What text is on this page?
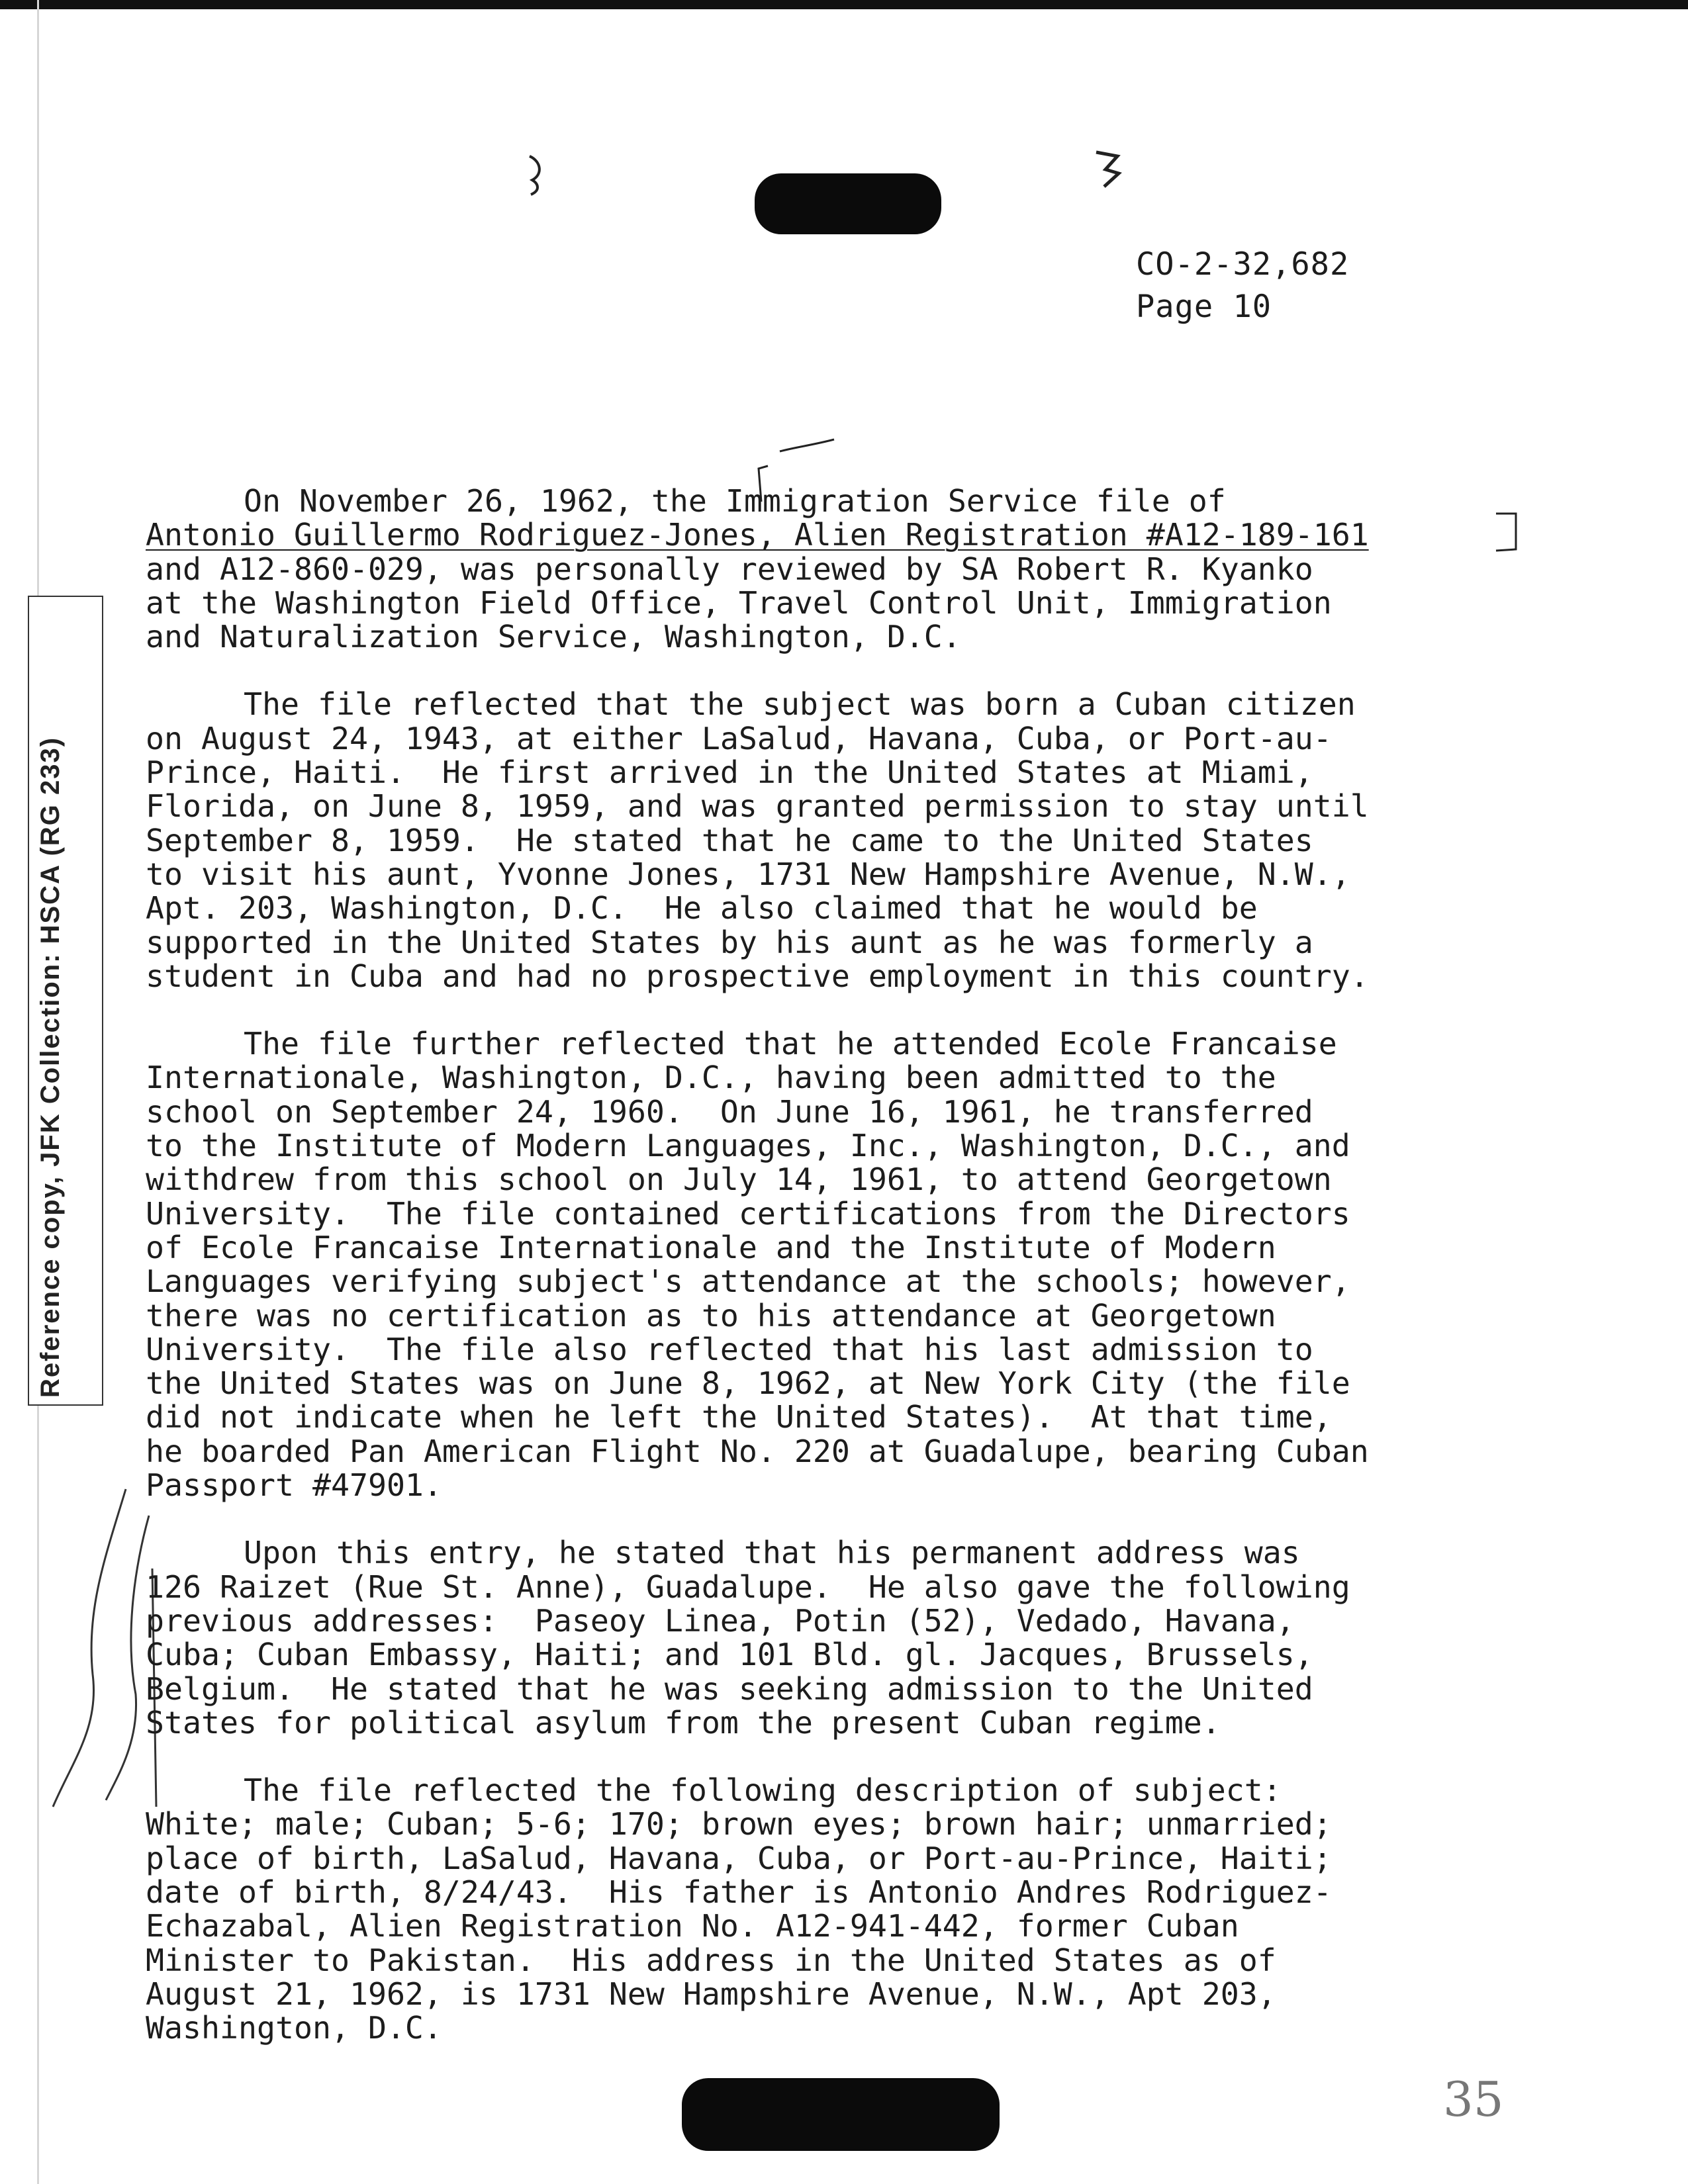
CO-2-32,682
Page 10
Reference copy, JFK Collection: HSCA (RG 233)
On November 26, 1962, the Immigration Service file of
Antonio Guillermo Rodriguez-Jones, Alien Registration #A12-189-161
and A12-860-029, was personally reviewed by SA Robert R. Kyanko
at the Washington Field Office, Travel Control Unit, Immigration
and Naturalization Service, Washington, D.C.
The file reflected that the subject was born a Cuban citizen
on August 24, 1943, at either LaSalud, Havana, Cuba, or Port-au-
Prince, Haiti.  He first arrived in the United States at Miami,
Florida, on June 8, 1959, and was granted permission to stay until
September 8, 1959.  He stated that he came to the United States
to visit his aunt, Yvonne Jones, 1731 New Hampshire Avenue, N.W.,
Apt. 203, Washington, D.C.  He also claimed that he would be
supported in the United States by his aunt as he was formerly a
student in Cuba and had no prospective employment in this country.
The file further reflected that he attended Ecole Francaise
Internationale, Washington, D.C., having been admitted to the
school on September 24, 1960.  On June 16, 1961, he transferred
to the Institute of Modern Languages, Inc., Washington, D.C., and
withdrew from this school on July 14, 1961, to attend Georgetown
University.  The file contained certifications from the Directors
of Ecole Francaise Internationale and the Institute of Modern
Languages verifying subject's attendance at the schools; however,
there was no certification as to his attendance at Georgetown
University.  The file also reflected that his last admission to
the United States was on June 8, 1962, at New York City (the file
did not indicate when he left the United States).  At that time,
he boarded Pan American Flight No. 220 at Guadalupe, bearing Cuban
Passport #47901.
Upon this entry, he stated that his permanent address was
126 Raizet (Rue St. Anne), Guadalupe.  He also gave the following
previous addresses:  Paseoy Linea, Potin (52), Vedado, Havana,
Cuba; Cuban Embassy, Haiti; and 101 Bld. gl. Jacques, Brussels,
Belgium.  He stated that he was seeking admission to the United
States for political asylum from the present Cuban regime.
The file reflected the following description of subject:
White; male; Cuban; 5-6; 170; brown eyes; brown hair; unmarried;
place of birth, LaSalud, Havana, Cuba, or Port-au-Prince, Haiti;
date of birth, 8/24/43.  His father is Antonio Andres Rodriguez-
Echazabal, Alien Registration No. A12-941-442, former Cuban
Minister to Pakistan.  His address in the United States as of
August 21, 1962, is 1731 New Hampshire Avenue, N.W., Apt 203,
Washington, D.C.
35
